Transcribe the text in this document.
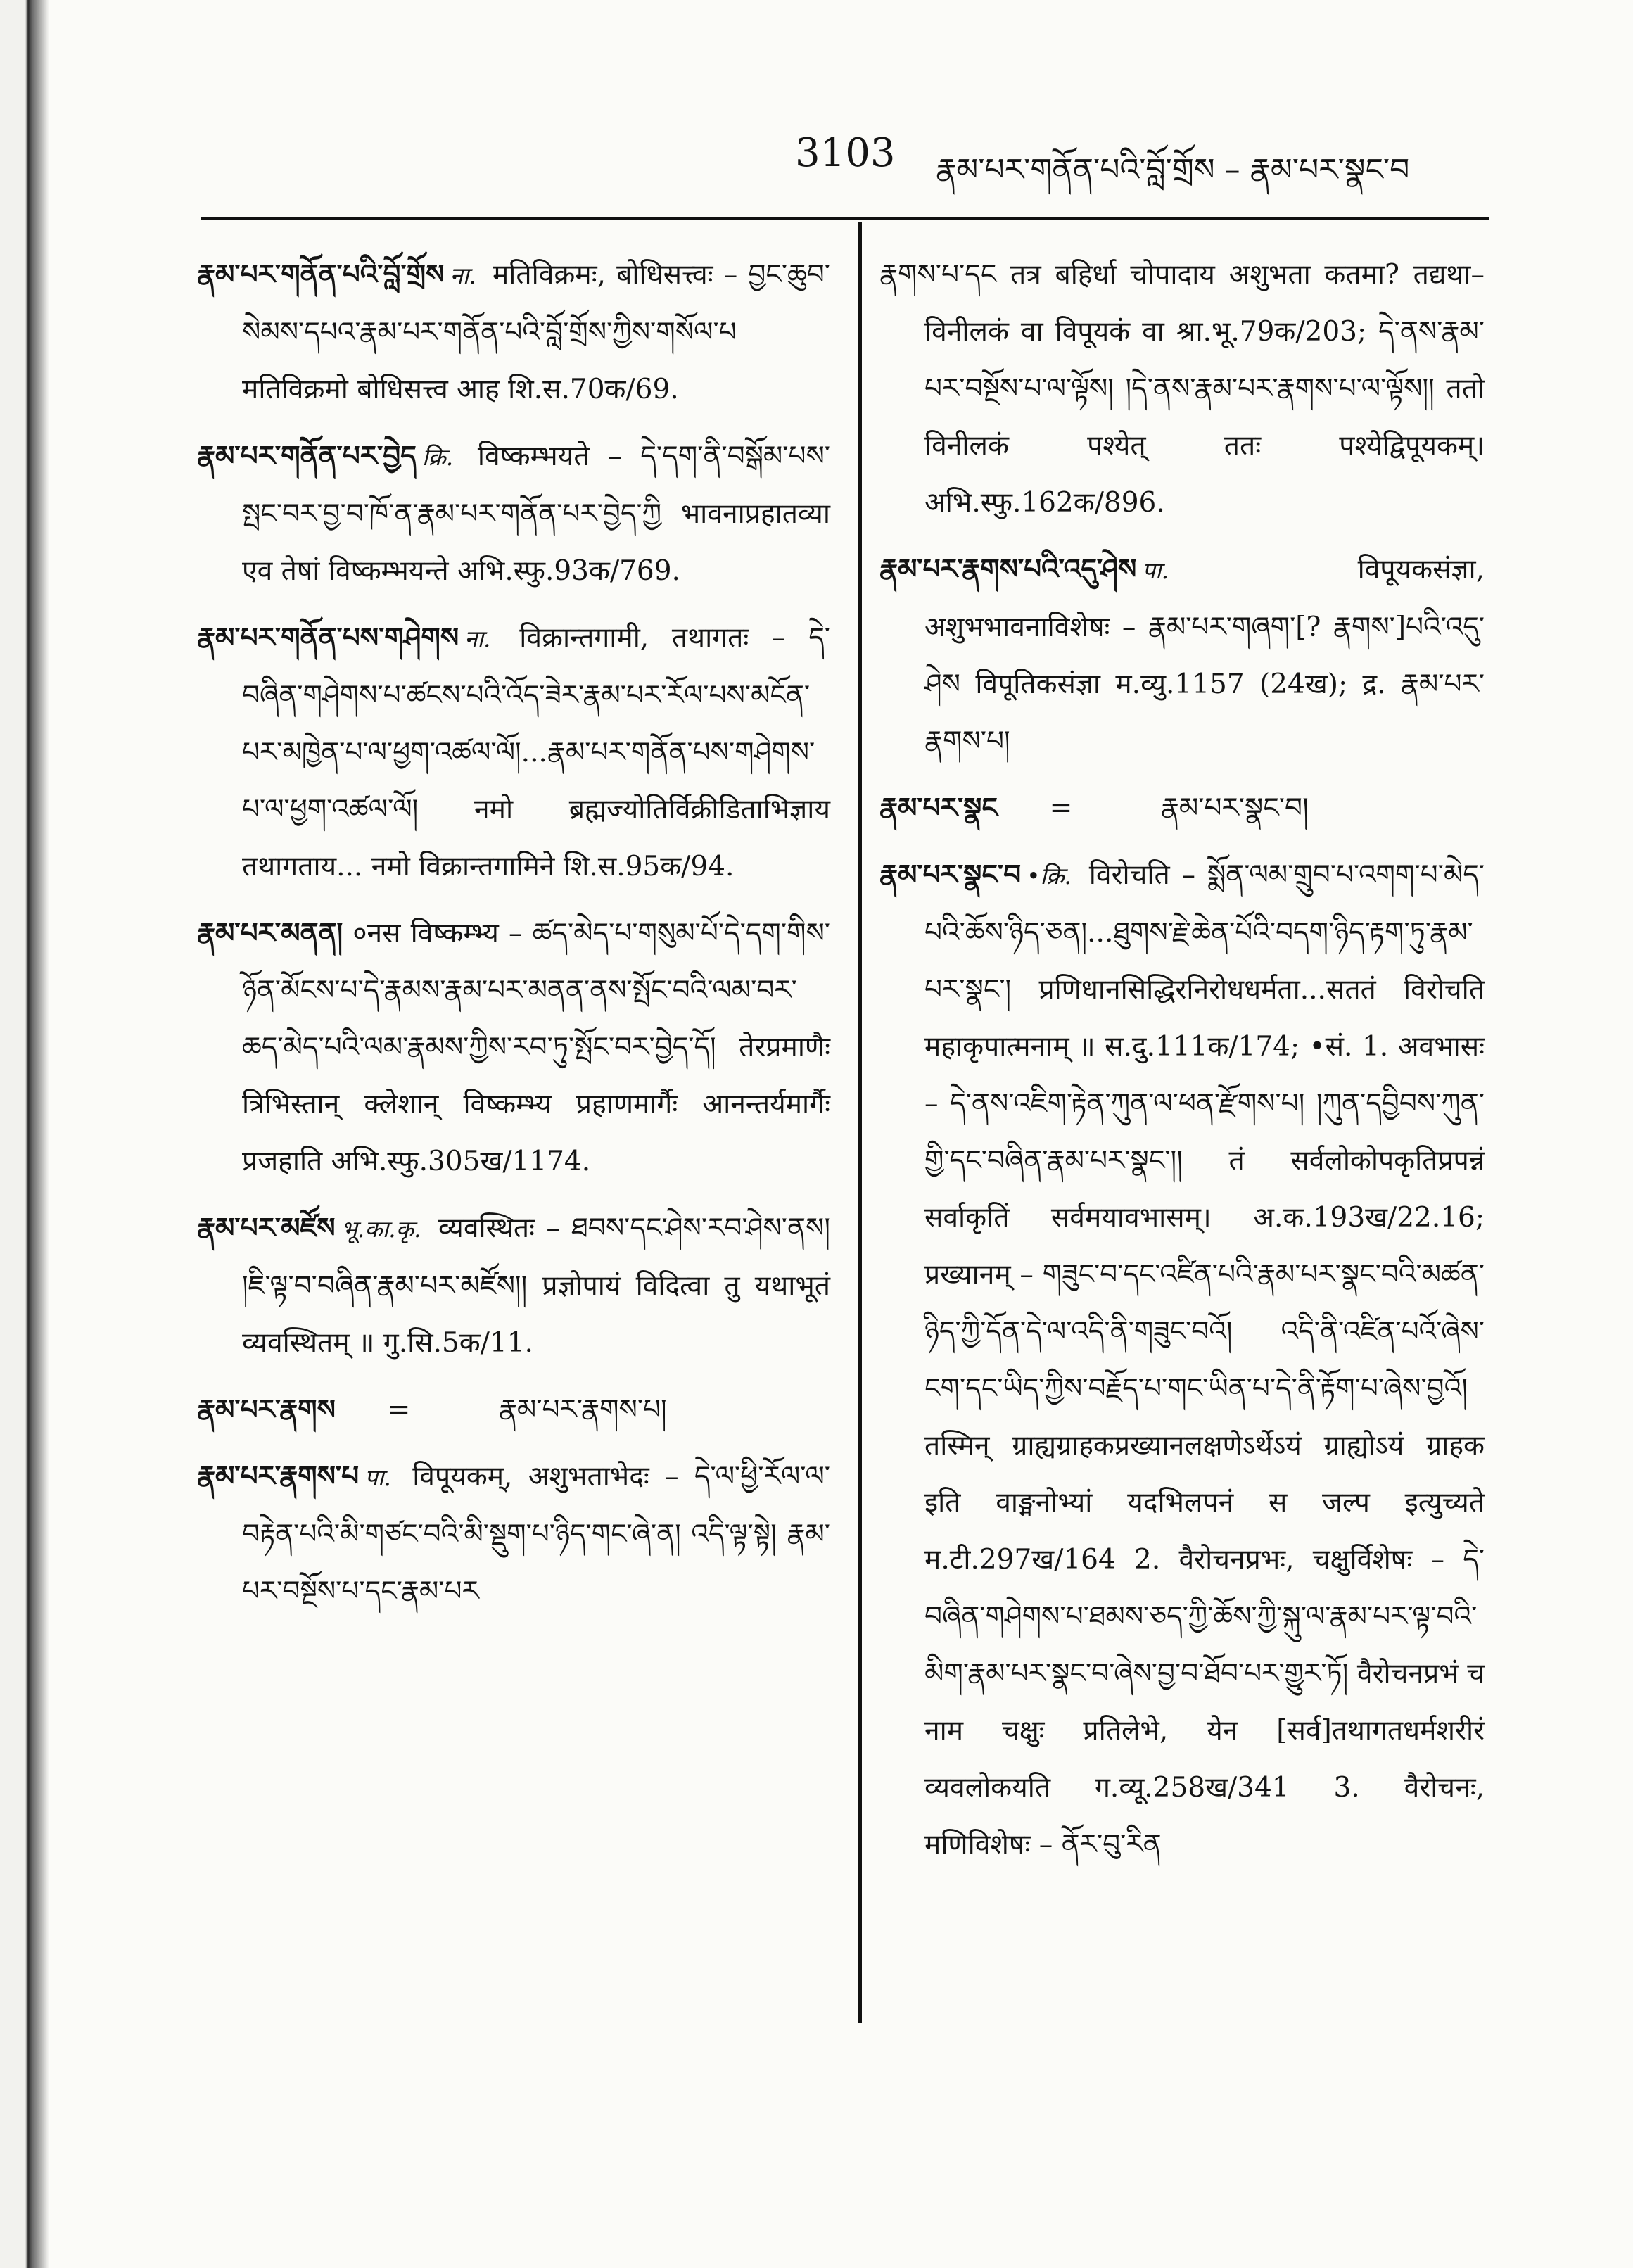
3103 རྣམ་པར་གནོན་པའི་བློ་གྲོས – རྣམ་པར་སྣང་བ

རྣམ་པར་གནོན་པའི་བློ་གྲོས ना. मतिविक्रमः, बोधिसत्त्वः – བྱང་ཆུབ་སེམས་དཔའ་རྣམ་པར་གནོན་པའི་བློ་གྲོས་ཀྱིས་གསོལ་པ मतिविक्रमो बोधिसत्त्व आह शि.स.70क/69.

རྣམ་པར་གནོན་པར་བྱེད क्रि. विष्कम्भयते – དེ་དག་ནི་བསྒོམ་པས་སྤང་བར་བྱ་བ་ཁོ་ན་རྣམ་པར་གནོན་པར་བྱེད་ཀྱི भावनाप्रहातव्या एव तेषां विष्कम्भयन्ते अभि.स्फु.93क/769.

རྣམ་པར་གནོན་པས་གཤེགས ना. विक्रान्तगामी, तथागतः – དེ་བཞིན་གཤེགས་པ་ཚངས་པའི་འོད་ཟེར་རྣམ་པར་རོལ་པས་མངོན་པར་མཁྱེན་པ་ལ་ཕྱག་འཚལ་ལོ།...རྣམ་པར་གནོན་པས་གཤེགས་པ་ལ་ཕྱག་འཚལ་ལོ། नमो ब्रह्मज्योतिर्विक्रीडिताभिज्ञाय तथागताय... नमो विक्रान्तगामिने शि.स.95क/94.

རྣམ་པར་མནན། ०नस विष्कम्भ्य – ཚད་མེད་པ་གསུམ་པོ་དེ་དག་གིས་ཉོན་མོངས་པ་དེ་རྣམས་རྣམ་པར་མནན་ནས་སྤོང་བའི་ལམ་བར་ཆད་མེད་པའི་ལམ་རྣམས་ཀྱིས་རབ་ཏུ་སྤོང་བར་བྱེད་དོ། तेरप्रमाणैः त्रिभिस्तान् क्लेशान् विष्कम्भ्य प्रहाणमार्गैः आनन्तर्यमार्गैः प्रजहाति अभि.स्फु.305ख/1174.

རྣམ་པར་མཛོས भू.का.कृ. व्यवस्थितः – ཐབས་དང་ཤེས་རབ་ཤེས་ནས། །ཇི་ལྟ་བ་བཞིན་རྣམ་པར་མཛོས།། प्रज्ञोपायं विदित्वा तु यथाभूतं व्यवस्थितम् ॥ गु.सि.5क/11.

རྣམ་པར་རྣགས =	རྣམ་པར་རྣགས་པ།

རྣམ་པར་རྣགས་པ पा. विपूयकम्, अशुभताभेदः – དེ་ལ་ཕྱི་རོལ་ལ་བརྟེན་པའི་མི་གཙང་བའི་མི་སྡུག་པ་ཉིད་གང་ཞེ་ན། འདི་ལྟ་སྟེ། རྣམ་པར་བསྔོས་པ་དང་རྣམ་པར

རྣགས་པ་དང तत्र बहिर्धा चोपादाय अशुभता कतमा? तद्यथा–विनीलकं वा विपूयकं वा श्रा.भू.79क/203; དེ་ནས་རྣམ་པར་བསྔོས་པ་ལ་ལྟོས། །དེ་ནས་རྣམ་པར་རྣགས་པ་ལ་ལྟོས།། ततो विनीलकं पश्येत् ततः पश्येद्विपूयकम्। अभि.स्फु.162क/896.

རྣམ་པར་རྣགས་པའི་འདུ་ཤེས पा.	विपूयकसंज्ञा, अशुभभावनाविशेषः – རྣམ་པར་གཞག་[? རྣགས་]པའི་འདུ་ཤེས विपूतिकसंज्ञा म.व्यु.1157 (24ख); द्र. རྣམ་པར་རྣགས་པ།

རྣམ་པར་སྣང =	རྣམ་པར་སྣང་བ།

རྣམ་པར་སྣང་བ •क्रि. विरोचति – སྨོན་ལམ་གྲུབ་པ་འགག་པ་མེད་པའི་ཆོས་ཉིད་ཅན།...ཐུགས་རྗེ་ཆེན་པོའི་བདག་ཉིད་རྟག་ཏུ་རྣམ་པར་སྣང་། प्रणिधानसिद्धिरनिरोधधर्मता...सततं विरोचति महाकृपात्मनाम् ॥ स.दु.111क/174; •सं. 1. अवभासः – དེ་ནས་འཇིག་རྟེན་ཀུན་ལ་ཕན་རྫོགས་པ། །ཀུན་དབྱིབས་ཀུན་གྱི་དང་བཞིན་རྣམ་པར་སྣང་།། तं सर्वलोकोपकृतिप्रपन्नं सर्वाकृतिं सर्वमयावभासम्। अ.क.193ख/22.16; प्रख्यानम् – གཟུང་བ་དང་འཛིན་པའི་རྣམ་པར་སྣང་བའི་མཚན་ཉིད་ཀྱི་དོན་དེ་ལ་འདི་ནི་གཟུང་བའོ། འདི་ནི་འཛིན་པའོ་ཞེས་ངག་དང་ཡིད་ཀྱིས་བརྗོད་པ་གང་ཡིན་པ་དེ་ནི་རྟོག་པ་ཞེས་བྱའོ། तस्मिन् ग्राह्यग्राहकप्रख्यानलक्षणेऽर्थेऽयं ग्राह्योऽयं ग्राहक इति वाङ्मनोभ्यां यदभिलपनं स जल्प इत्युच्यते म.टी.297ख/164 2. वैरोचनप्रभः, चक्षुर्विशेषः – དེ་བཞིན་གཤེགས་པ་ཐམས་ཅད་ཀྱི་ཆོས་ཀྱི་སྐུ་ལ་རྣམ་པར་ལྟ་བའི་མིག་རྣམ་པར་སྣང་བ་ཞེས་བྱ་བ་ཐོབ་པར་གྱུར་ཏོ། वैरोचनप्रभं च नाम चक्षुः प्रतिलेभे, येन [सर्व]तथागतधर्मशरीरं व्यवलोकयति ग.व्यू.258ख/341 3. वैरोचनः, मणिविशेषः – ནོར་བུ་རིན
